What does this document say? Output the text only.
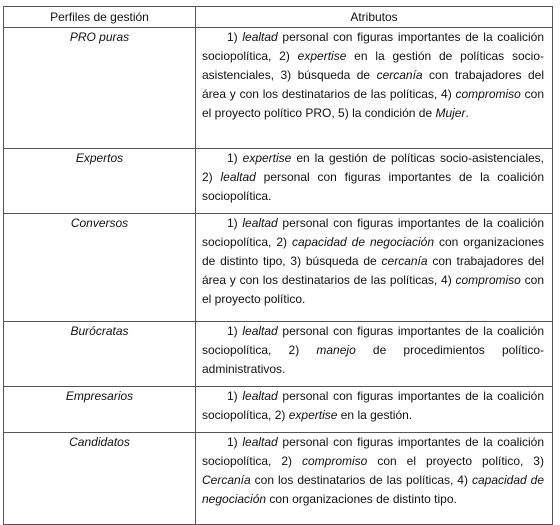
Perfiles de gestión	Atributos
PRO puras	1) lealtad personal con figuras importantes de la coalición sociopolítica, 2) expertise en la gestión de políticas socio-asistenciales, 3) búsqueda de cercanía con trabajadores del área y con los destinatarios de las políticas, 4) compromiso con el proyecto político PRO, 5) la condición de Mujer.
Expertos	1) expertise en la gestión de políticas socio-asistenciales, 2) lealtad personal con figuras importantes de la coalición sociopolítica.
Conversos	1) lealtad personal con figuras importantes de la coalición sociopolítica, 2) capacidad de negociación con organizaciones de distinto tipo, 3) búsqueda de cercanía con trabajadores del área y con los destinatarios de las políticas, 4) compromiso con el proyecto político.
Burócratas	1) lealtad personal con figuras importantes de la coalición sociopolítica, 2) manejo de procedimientos político-administrativos.
Empresarios	1) lealtad personal con figuras importantes de la coalición sociopolítica, 2) expertise en la gestión.
Candidatos	1) lealtad personal con figuras importantes de la coalición sociopolítica, 2) compromiso con el proyecto político, 3) Cercanía con los destinatarios de las políticas, 4) capacidad de negociación con organizaciones de distinto tipo.
